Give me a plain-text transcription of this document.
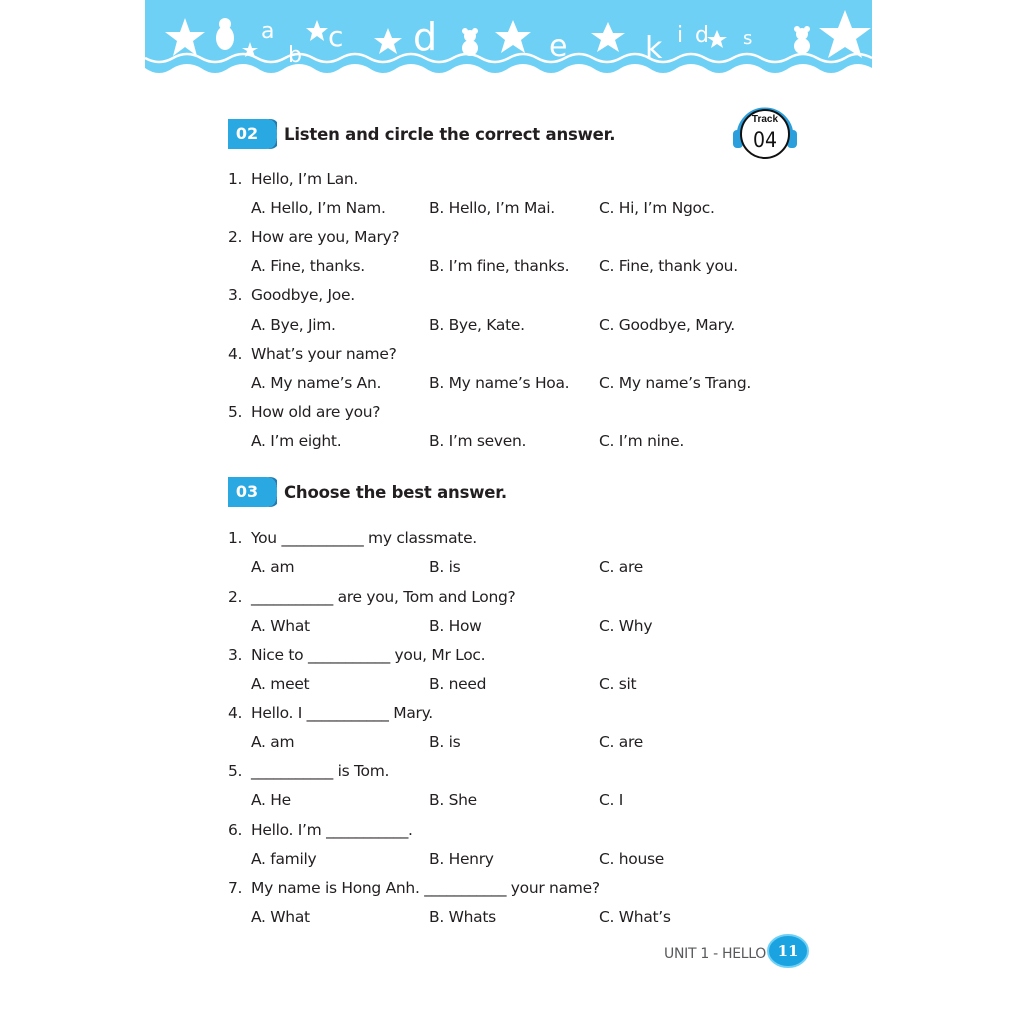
a
b
c d	e	k i d s
02	Listen and circle the correct answer.
Track
04
1. Hello, I’m Lan.
A. Hello, I’m Nam.	B. Hello, I’m Mai.	C. Hi, I’m Ngoc.
2. How are you, Mary?
A. Fine, thanks.	B. I’m fine, thanks. C. Fine, thank you.
3. Goodbye, Joe.
A. Bye, Jim.	B. Bye, Kate.	C. Goodbye, Mary.
4. What’s your name?
A. My name’s An.	B. My name’s Hoa. C. My name’s Trang.
5. How old are you?
A. I’m eight.	B. I’m seven.	C. I’m nine.
03	Choose the best answer.
1. You ___________ my classmate.
A. am	B. is	C. are
2. ___________ are you, Tom and Long?
A. What	B. How	C. Why
3. Nice to ___________ you, Mr Loc.
A. meet	B. need	C. sit
4. Hello. I ___________ Mary.
A. am	B. is	C. are
5. ___________ is Tom.
A. He	B. She	C. I
6. Hello. I’m ___________.
A. family	B. Henry	C. house
7. My name is Hong Anh. ___________ your name?
A. What	B. Whats	C. What’s
UNIT 1 - HELLO 11
